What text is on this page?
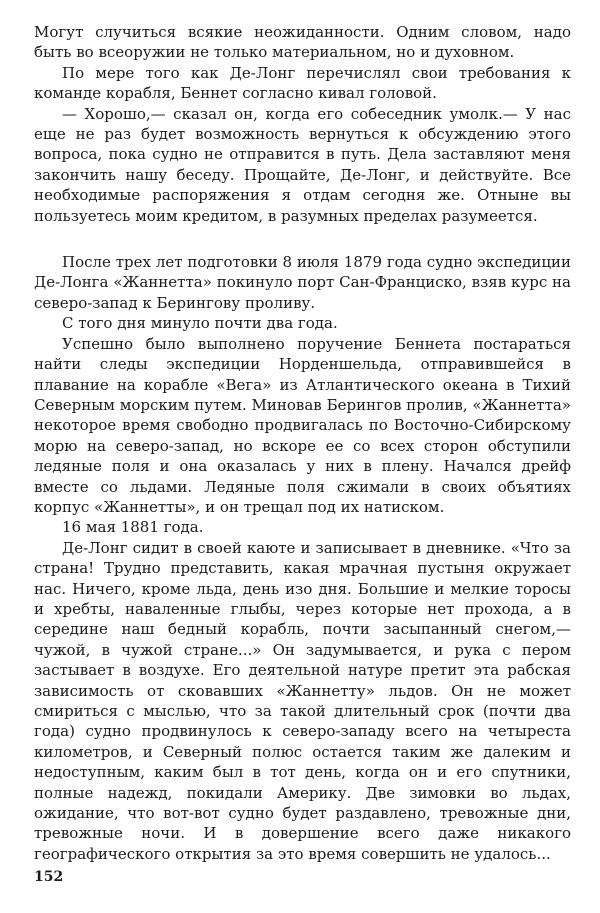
Могут случиться всякие неожиданности. Одним словом, надо быть во всеоружии не только материальном, но и духовном.

По мере того как Де-Лонг перечислял свои требования к команде корабля, Беннет согласно кивал головой.

— Хорошо,— сказал он, когда его собеседник умолк.— У нас еще не раз будет возможность вернуться к обсуждению этого вопроса, пока судно не отправится в путь. Дела заставляют меня закончить нашу беседу. Прощайте, Де-Лонг, и действуйте. Все необходимые распоряжения я отдам сегодня же. Отныне вы пользуетесь моим кредитом, в разумных пределах разумеется.

После трех лет подготовки 8 июля 1879 года судно экспедиции Де-Лонга «Жаннетта» покинуло порт Сан-Франциско, взяв курс на северо-запад к Берингову проливу.

С того дня минуло почти два года.

Успешно было выполнено поручение Беннета постараться найти следы экспедиции Норденшельда, отправившейся в плавание на корабле «Вега» из Атлантического океана в Тихий Северным морским путем. Миновав Берингов пролив, «Жаннетта» некоторое время свободно продвигалась по Восточно-Сибирскому морю на северо-запад, но вскоре ее со всех сторон обступили ледяные поля и она оказалась у них в плену. Начался дрейф вместе со льдами. Ледяные поля сжимали в своих объятиях корпус «Жаннетты», и он трещал под их натиском.

16 мая 1881 года.

Де-Лонг сидит в своей каюте и записывает в дневнике. «Что за страна! Трудно представить, какая мрачная пустыня окружает нас. Ничего, кроме льда, день изо дня. Большие и мелкие торосы и хребты, наваленные глыбы, через которые нет прохода, а в середине наш бедный корабль, почти засыпанный снегом,— чужой, в чужой стране...» Он задумывается, и рука с пером застывает в воздухе. Его деятельной натуре претит эта рабская зависимость от сковавших «Жаннетту» льдов. Он не может смириться с мыслью, что за такой длительный срок (почти два года) судно продвинулось к северо-западу всего на четыреста километров, и Северный полюс остается таким же далеким и недоступным, каким был в тот день, когда он и его спутники, полные надежд, покидали Америку. Две зимовки во льдах, ожидание, что вот-вот судно будет раздавлено, тревожные дни, тревожные ночи. И в довершение всего даже никакого географического открытия за это время совершить не удалось...

152
